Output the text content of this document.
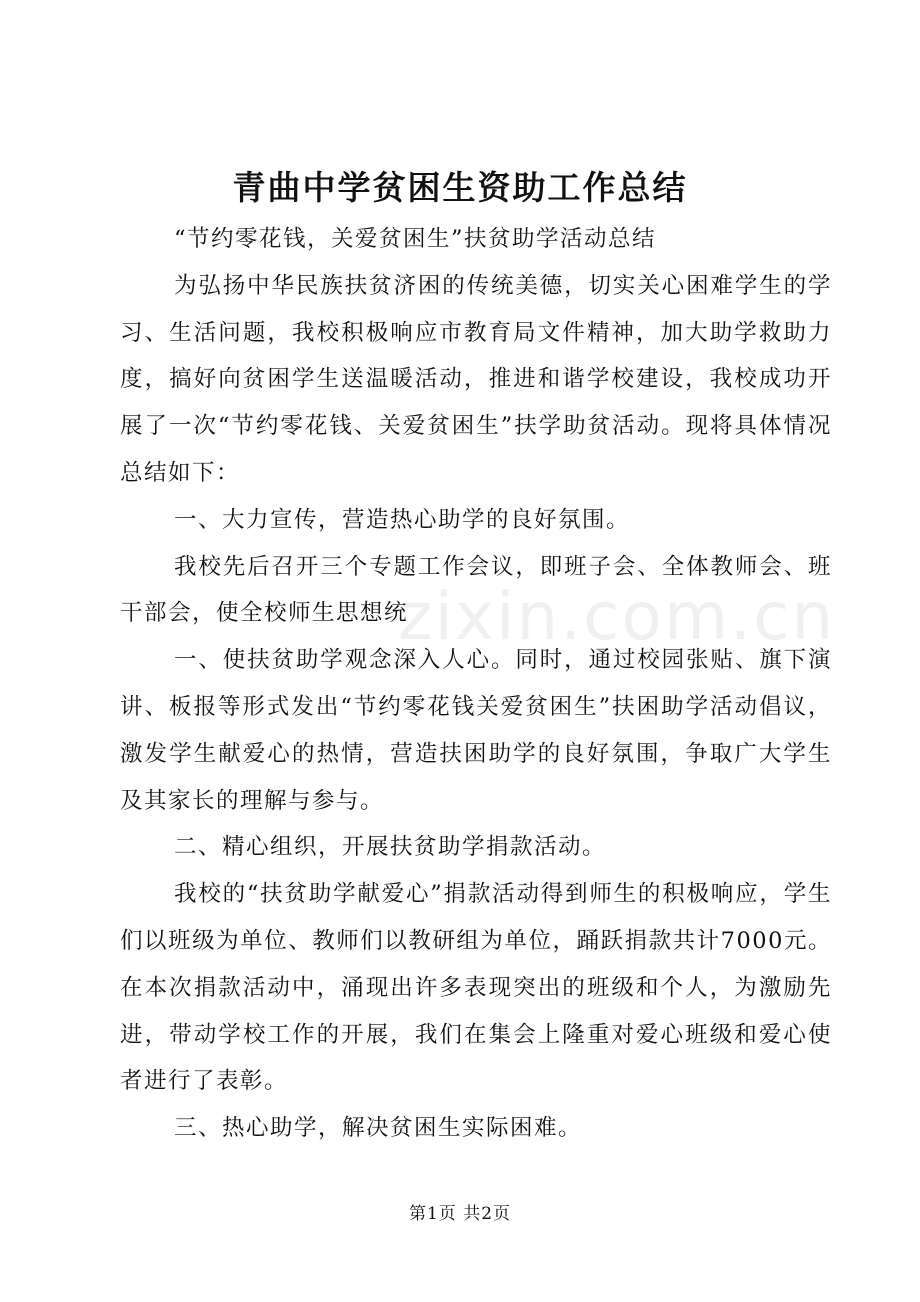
青曲中学贫困生资助工作总结

“节约零花钱，关爱贫困生”扶贫助学活动总结

为弘扬中华民族扶贫济困的传统美德，切实关心困难学生的学习、生活问题，我校积极响应市教育局文件精神，加大助学救助力度，搞好向贫困学生送温暖活动，推进和谐学校建设，我校成功开展了一次“节约零花钱、关爱贫困生”扶学助贫活动。现将具体情况总结如下：

一、大力宣传，营造热心助学的良好氛围。

我校先后召开三个专题工作会议，即班子会、全体教师会、班干部会，使全校师生思想统

一、使扶贫助学观念深入人心。同时，通过校园张贴、旗下演讲、板报等形式发出“节约零花钱关爱贫困生”扶困助学活动倡议，激发学生献爱心的热情，营造扶困助学的良好氛围，争取广大学生及其家长的理解与参与。

二、精心组织，开展扶贫助学捐款活动。

我校的“扶贫助学献爱心”捐款活动得到师生的积极响应，学生们以班级为单位、教师们以教研组为单位，踊跃捐款共计7000元。在本次捐款活动中，涌现出许多表现突出的班级和个人，为激励先进，带动学校工作的开展，我们在集会上隆重对爱心班级和爱心使者进行了表彰。

三、热心助学，解决贫困生实际困难。

zixin.com.cn
第1页 共2页
